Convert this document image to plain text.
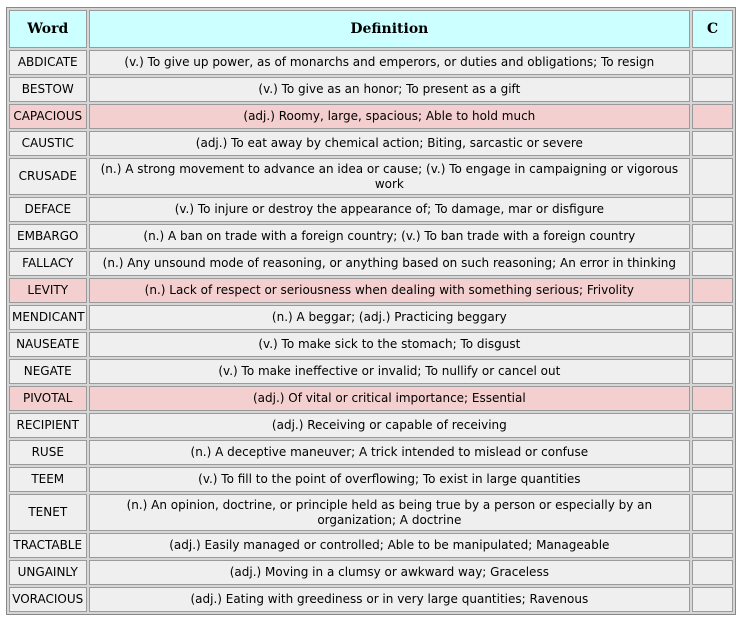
Word	Definition	C
ABDICATE	(v.) To give up power, as of monarchs and emperors, or duties and obligations; To resign	
BESTOW	(v.) To give as an honor; To present as a gift	
CAPACIOUS	(adj.) Roomy, large, spacious; Able to hold much	
CAUSTIC	(adj.) To eat away by chemical action; Biting, sarcastic or severe	
CRUSADE	(n.) A strong movement to advance an idea or cause; (v.) To engage in campaigning or vigorous work	
DEFACE	(v.) To injure or destroy the appearance of; To damage, mar or disfigure	
EMBARGO	(n.) A ban on trade with a foreign country; (v.) To ban trade with a foreign country	
FALLACY	(n.) Any unsound mode of reasoning, or anything based on such reasoning; An error in thinking	
LEVITY	(n.) Lack of respect or seriousness when dealing with something serious; Frivolity	
MENDICANT	(n.) A beggar; (adj.) Practicing beggary	
NAUSEATE	(v.) To make sick to the stomach; To disgust	
NEGATE	(v.) To make ineffective or invalid; To nullify or cancel out	
PIVOTAL	(adj.) Of vital or critical importance; Essential	
RECIPIENT	(adj.) Receiving or capable of receiving	
RUSE	(n.) A deceptive maneuver; A trick intended to mislead or confuse	
TEEM	(v.) To fill to the point of overflowing; To exist in large quantities	
TENET	(n.) An opinion, doctrine, or principle held as being true by a person or especially by an organization; A doctrine	
TRACTABLE	(adj.) Easily managed or controlled; Able to be manipulated; Manageable	
UNGAINLY	(adj.) Moving in a clumsy or awkward way; Graceless	
VORACIOUS	(adj.) Eating with greediness or in very large quantities; Ravenous	
